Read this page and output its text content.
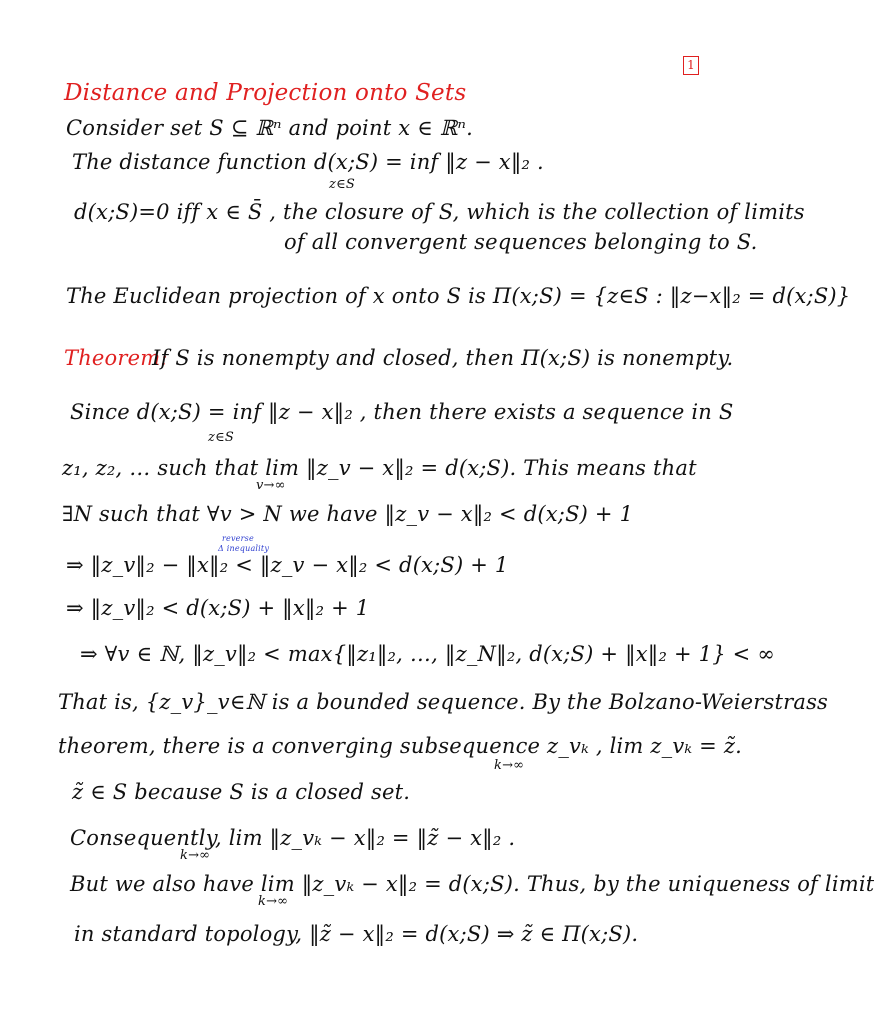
1
Distance and Projection onto Sets
Consider set S ⊆ ℝⁿ and point x ∈ ℝⁿ.
The distance function d(x;S) = inf ‖z − x‖₂ .
z∈S
d(x;S)=0 iff x ∈ S̄ , the closure of S, which is the collection of limits
of all convergent sequences belonging to S.
The Euclidean projection of x onto S is Π(x;S) = {z∈S : ‖z−x‖₂ = d(x;S)}
Theorem:
If S is nonempty and closed, then Π(x;S) is nonempty.
Since d(x;S) = inf ‖z − x‖₂ , then there exists a sequence in S
z∈S
z₁, z₂, … such that lim ‖z_v − x‖₂ = d(x;S). This means that
v→∞
∃N such that ∀v > N we have ‖z_v − x‖₂ < d(x;S) + 1
reverse
Δ inequality
⇒ ‖z_v‖₂ − ‖x‖₂ < ‖z_v − x‖₂ < d(x;S) + 1
⇒ ‖z_v‖₂ < d(x;S) + ‖x‖₂ + 1
⇒ ∀v ∈ ℕ, ‖z_v‖₂ < max{‖z₁‖₂, …, ‖z_N‖₂, d(x;S) + ‖x‖₂ + 1} < ∞
That is, {z_v}_v∈ℕ is a bounded sequence. By the Bolzano-Weierstrass
theorem, there is a converging subsequence z_vₖ , lim z_vₖ = z̃.
k→∞
z̃ ∈ S because S is a closed set.
Consequently, lim ‖z_vₖ − x‖₂ = ‖z̃ − x‖₂ .
k→∞
But we also have lim ‖z_vₖ − x‖₂ = d(x;S). Thus, by the uniqueness of limit
k→∞
in standard topology, ‖z̃ − x‖₂ = d(x;S) ⇒ z̃ ∈ Π(x;S).
